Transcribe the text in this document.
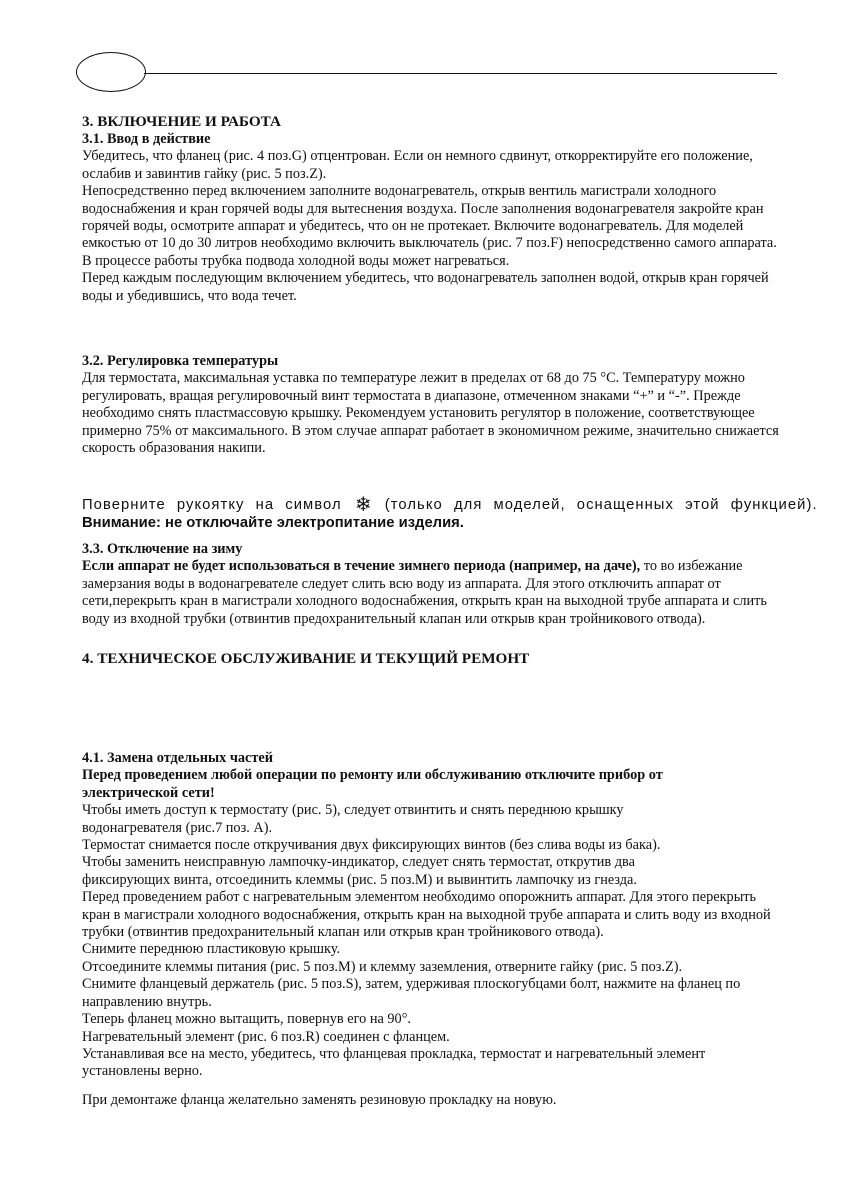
3. ВКЛЮЧЕНИЕ И РАБОТА

3.1. Ввод в действие

Убедитесь, что фланец (рис. 4 поз.G) отцентрован. Если он немного сдвинут, откорректируйте его положение, ослабив и завинтив гайку (рис. 5 поз.Z).

Непосредственно перед включением заполните водонагреватель, открыв вентиль магистрали холодного водоснабжения и кран горячей воды для вытеснения воздуха. После заполнения водонагревателя закройте кран горячей воды, осмотрите аппарат и убедитесь, что он не протекает. Включите водонагреватель. Для моделей емкостью от 10 до 30 литров необходимо включить выключатель (рис. 7 поз.F) непосредственно самого аппарата. В процессе работы трубка подвода холодной воды может нагреваться.

Перед каждым последующим включением убедитесь, что водонагреватель заполнен водой, открыв кран горячей воды и убедившись, что вода течет.

3.2. Регулировка температуры

Для термостата, максимальная уставка по температуре лежит в пределах от 68 до 75 °С. Температуру можно регулировать, вращая регулировочный винт термостата в диапазоне, отмеченном знаками “+” и “-”. Прежде необходимо снять пластмассовую крышку. Рекомендуем установить регулятор в положение, соответствующее примерно 75% от максимального. В этом случае аппарат работает в экономичном режиме, значительно снижается скорость образования накипи.

Поверните рукоятку на символ ❄ (только для моделей, оснащенных этой функцией).

Внимание: не отключайте электропитание изделия.

3.3. Отключение на зиму

Если аппарат не будет использоваться в течение зимнего периода (например, на даче), то во избежание замерзания воды в водонагревателе следует слить всю воду из аппарата. Для этого отключить аппарат от сети,перекрыть кран в магистрали холодного водоснабжения, открыть кран на выходной трубе аппарата и слить воду из входной трубки (отвинтив предохранительный клапан или открыв кран тройникового отвода).

4. ТЕХНИЧЕСКОЕ ОБСЛУЖИВАНИЕ И ТЕКУЩИЙ РЕМОНТ

4.1. Замена отдельных частей

Перед проведением любой операции по ремонту или обслуживанию отключите прибор от электрической сети!

Чтобы иметь доступ к термостату (рис. 5), следует отвинтить и снять переднюю крышку водонагревателя (рис.7 поз. A).

Термостат снимается после откручивания двух фиксирующих винтов (без слива воды из бака).

Чтобы заменить неисправную лампочку-индикатор, следует снять термостат, открутив два фиксирующих винта, отсоединить клеммы (рис. 5 поз.M) и вывинтить лампочку из гнезда.

Перед проведением работ с нагревательным элементом необходимо опорожнить аппарат. Для этого перекрыть кран в магистрали холодного водоснабжения, открыть кран на выходной трубе аппарата и слить воду из входной трубки (отвинтив предохранительный клапан или открыв кран тройникового отвода).

Снимите переднюю пластиковую крышку.

Отсоедините клеммы питания (рис. 5 поз.M) и клемму заземления, отверните гайку (рис. 5 поз.Z).

Снимите фланцевый держатель (рис. 5 поз.S), затем, удерживая плоскогубцами болт, нажмите на фланец по направлению внутрь.

Теперь фланец можно вытащить, повернув его на 90°.

Нагревательный элемент (рис. 6 поз.R) соединен с фланцем.

Устанавливая все на место, убедитесь, что фланцевая прокладка, термостат и нагревательный элемент установлены верно.

При демонтаже фланца желательно заменять резиновую прокладку на новую.
